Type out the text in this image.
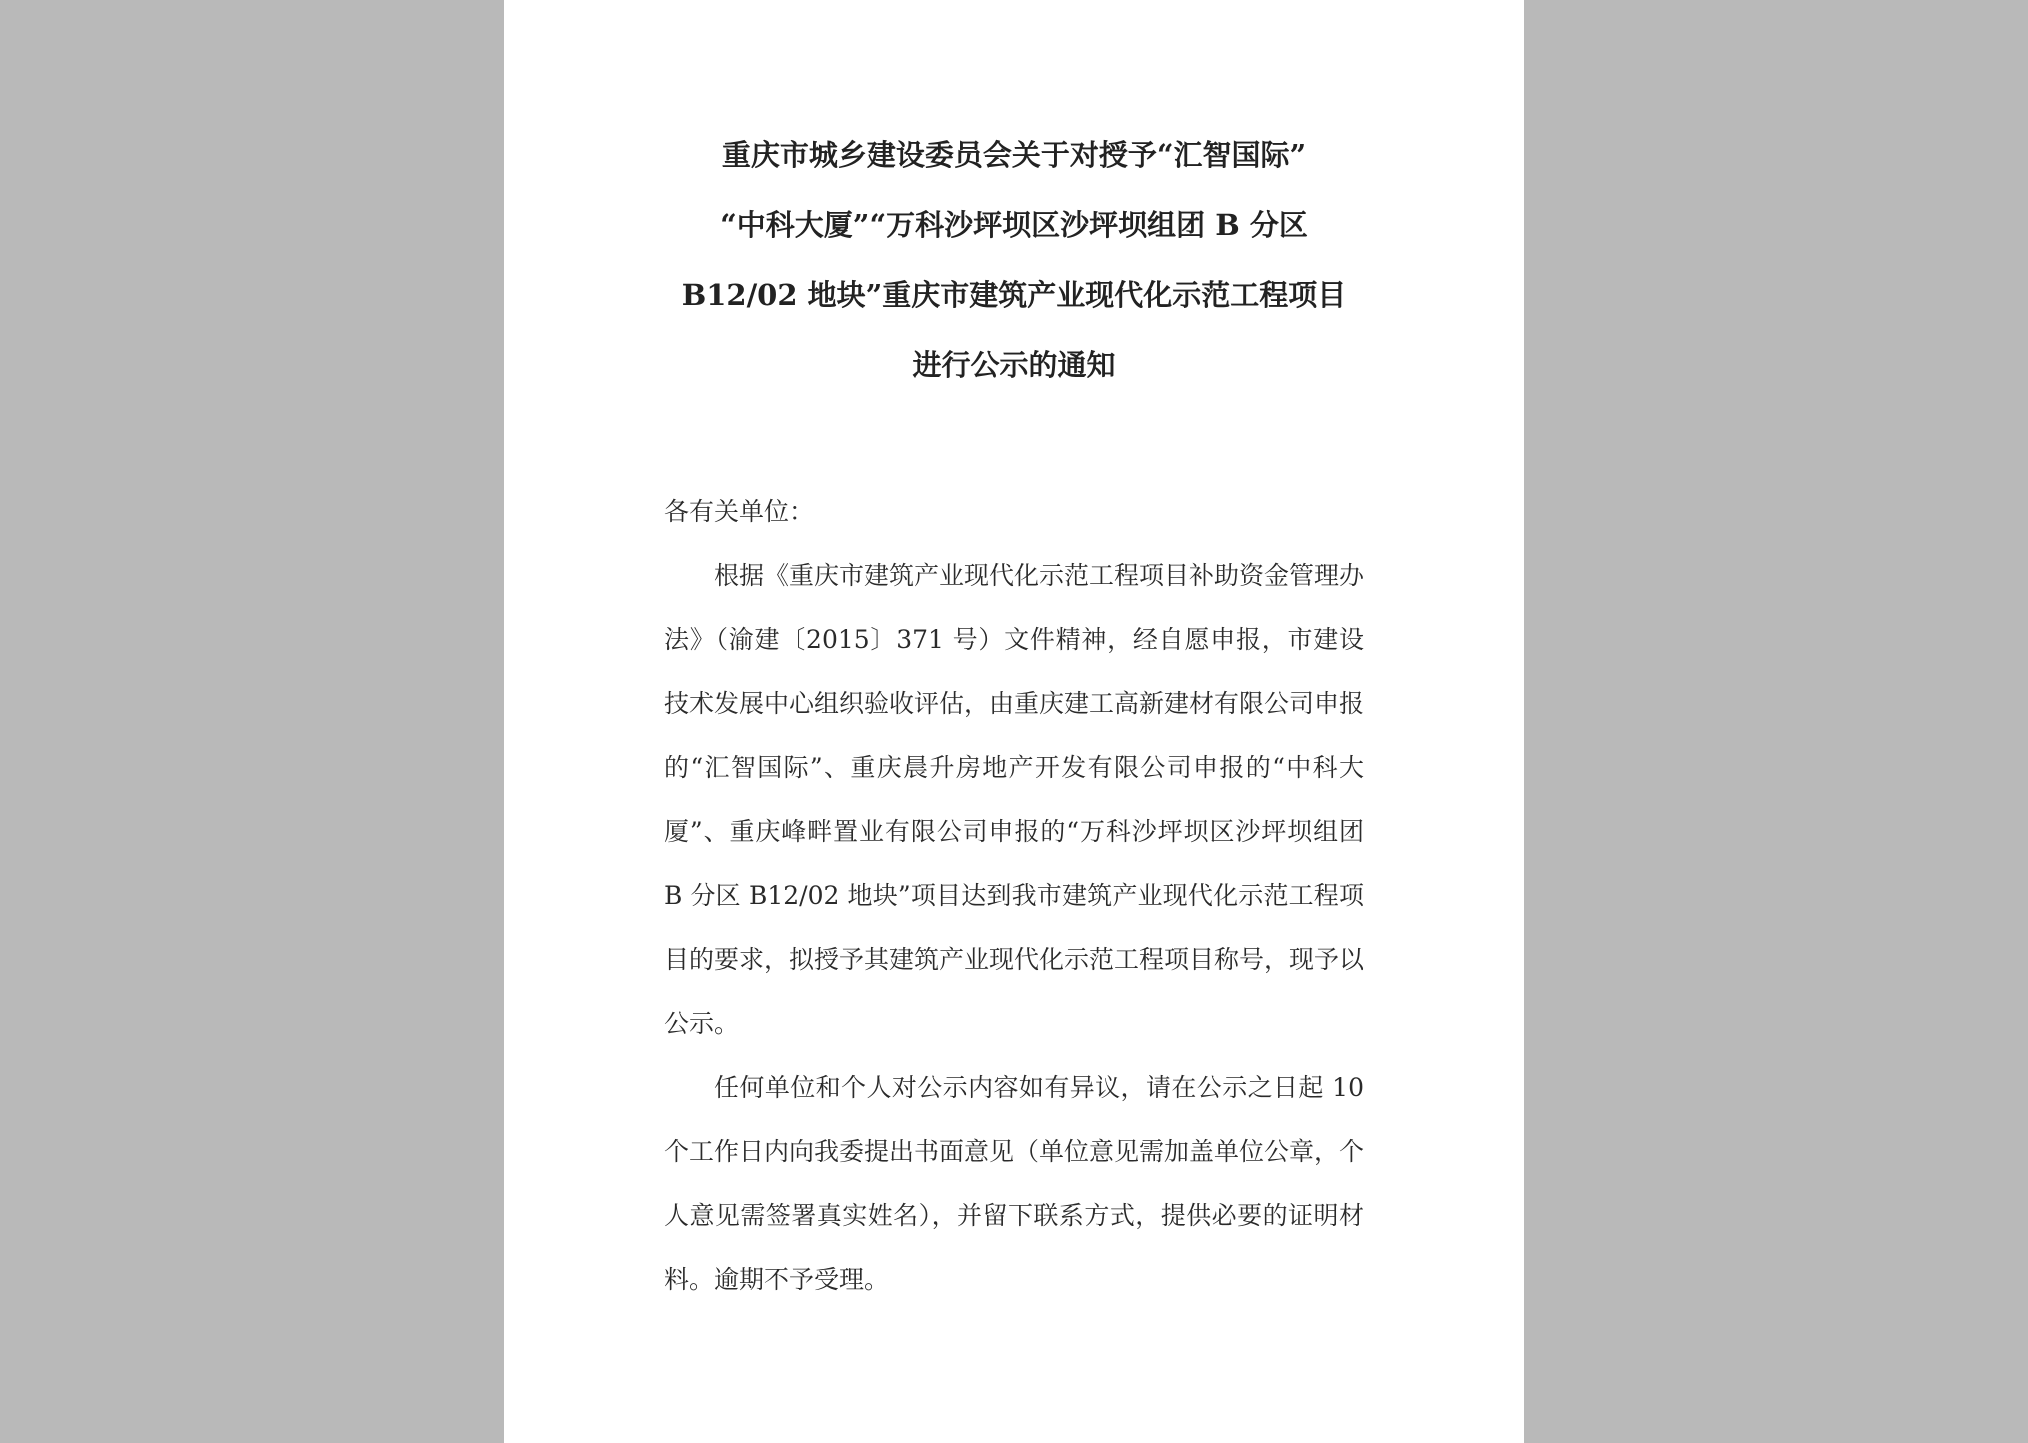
重庆市城乡建设委员会关于对授予“汇智国际”
“中科大厦”“万科沙坪坝区沙坪坝组团 B 分区
B12/02 地块”重庆市建筑产业现代化示范工程项目
进行公示的通知

各有关单位：

根据《重庆市建筑产业现代化示范工程项目补助资金管理办法》（渝建〔2015〕371 号）文件精神，经自愿申报，市建设技术发展中心组织验收评估，由重庆建工高新建材有限公司申报的“汇智国际”、重庆晨升房地产开发有限公司申报的“中科大厦”、重庆峰畔置业有限公司申报的“万科沙坪坝区沙坪坝组团 B 分区 B12/02 地块”项目达到我市建筑产业现代化示范工程项目的要求，拟授予其建筑产业现代化示范工程项目称号，现予以公示。

任何单位和个人对公示内容如有异议，请在公示之日起 10 个工作日内向我委提出书面意见（单位意见需加盖单位公章，个人意见需签署真实姓名），并留下联系方式，提供必要的证明材料。逾期不予受理。
